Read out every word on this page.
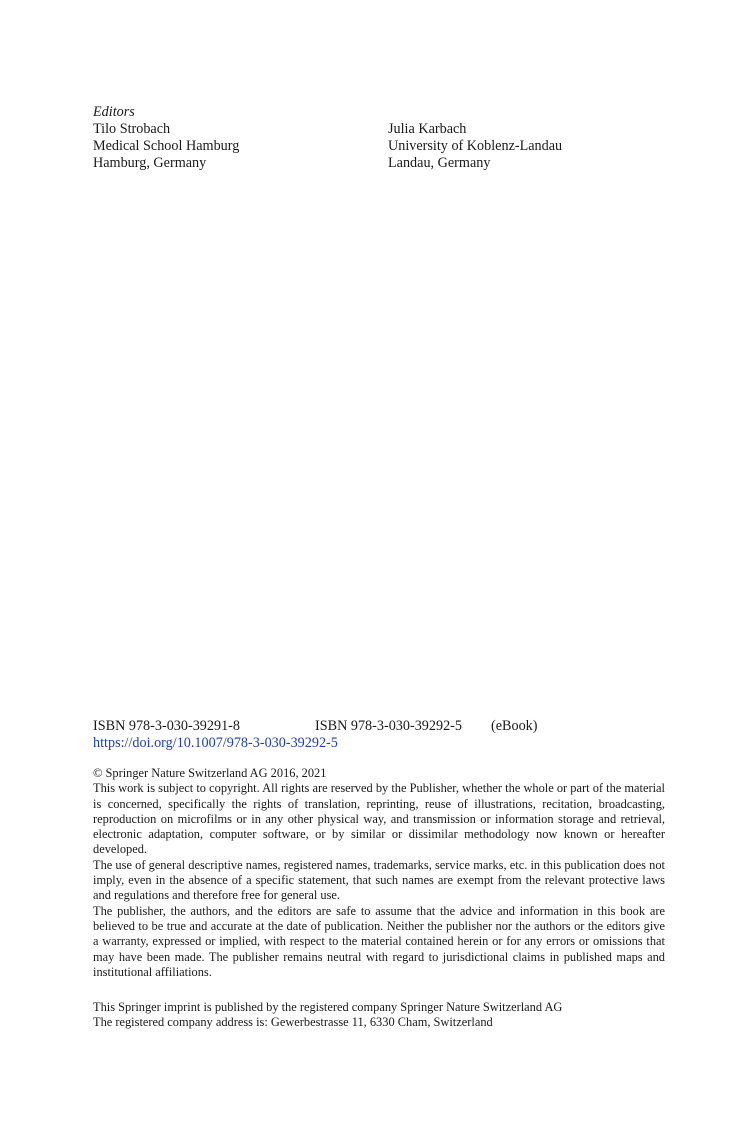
Editors
Tilo Strobach
Medical School Hamburg
Hamburg, Germany
Julia Karbach
University of Koblenz-Landau
Landau, Germany
ISBN 978-3-030-39291-8	ISBN 978-3-030-39292-5 (eBook)
https://doi.org/10.1007/978-3-030-39292-5

© Springer Nature Switzerland AG 2016, 2021

This work is subject to copyright. All rights are reserved by the Publisher, whether the whole or part of the material is concerned, specifically the rights of translation, reprinting, reuse of illustrations, recitation, broadcasting, reproduction on microfilms or in any other physical way, and transmission or information storage and retrieval, electronic adaptation, computer software, or by similar or dissimilar methodology now known or hereafter developed.

The use of general descriptive names, registered names, trademarks, service marks, etc. in this publication does not imply, even in the absence of a specific statement, that such names are exempt from the relevant protective laws and regulations and therefore free for general use.

The publisher, the authors, and the editors are safe to assume that the advice and information in this book are believed to be true and accurate at the date of publication. Neither the publisher nor the authors or the editors give a warranty, expressed or implied, with respect to the material contained herein or for any errors or omissions that may have been made. The publisher remains neutral with regard to jurisdictional claims in published maps and institutional affiliations.

This Springer imprint is published by the registered company Springer Nature Switzerland AG

The registered company address is: Gewerbestrasse 11, 6330 Cham, Switzerland
